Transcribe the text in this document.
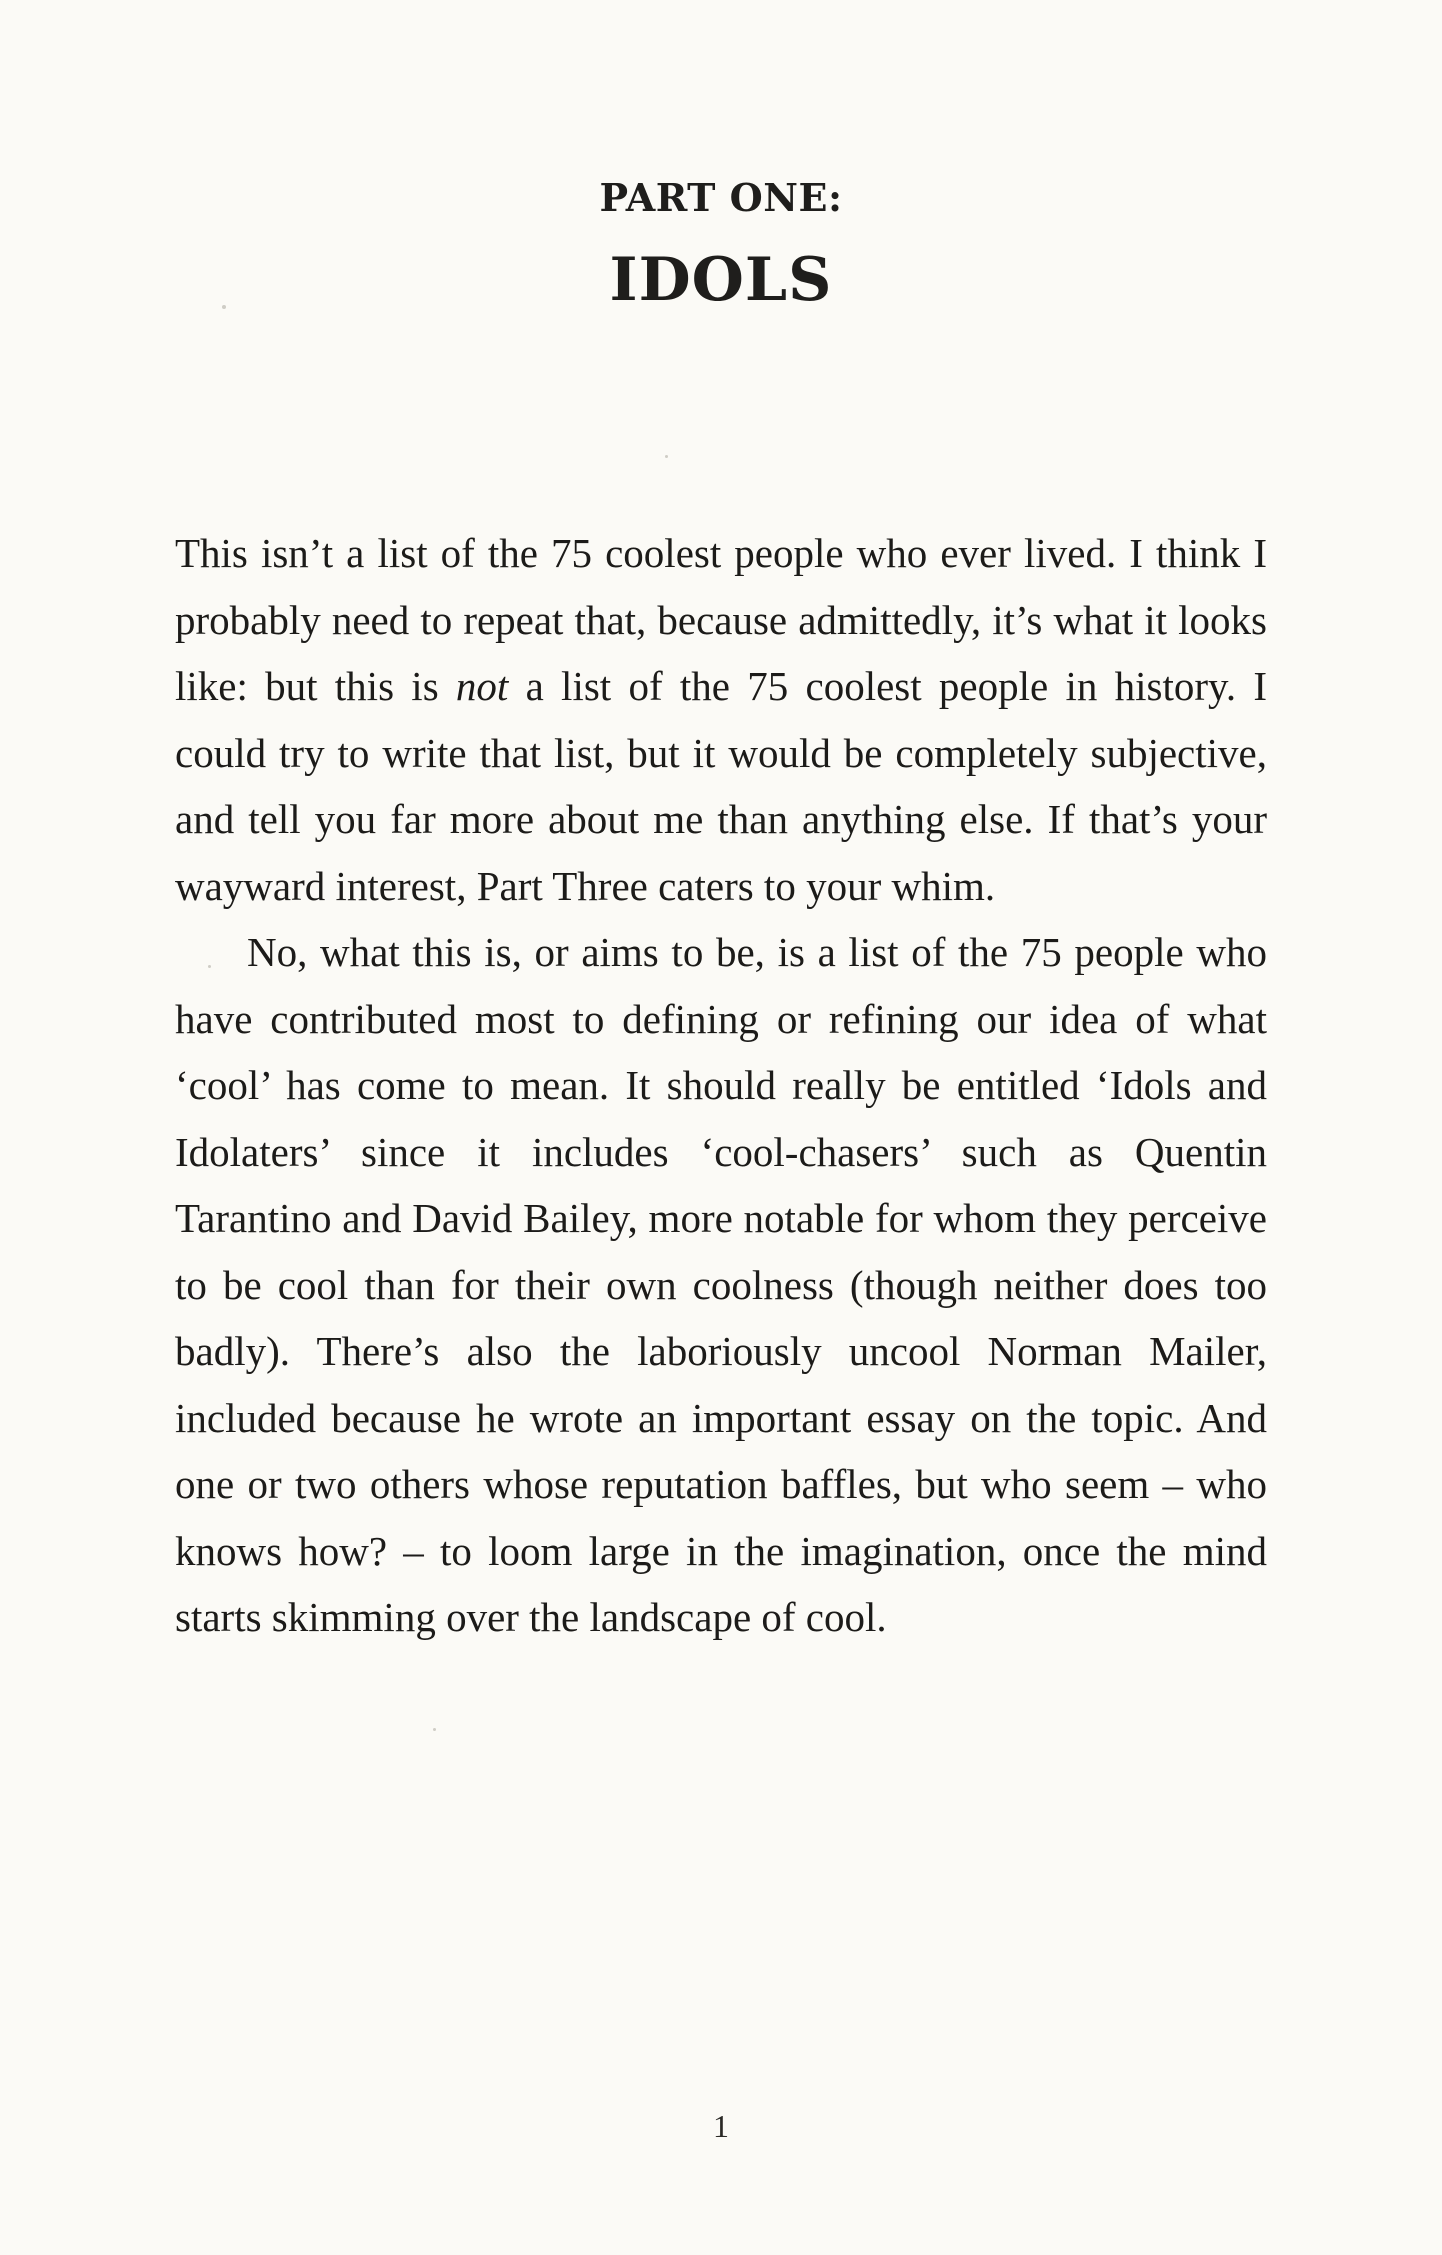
PART ONE:
IDOLS

This isn’t a list of the 75 coolest people who ever lived. I think I probably need to repeat that, because admittedly, it’s what it looks like: but this is not a list of the 75 coolest people in history. I could try to write that list, but it would be completely subjective, and tell you far more about me than anything else. If that’s your wayward interest, Part Three caters to your whim.

No, what this is, or aims to be, is a list of the 75 people who have contributed most to defining or refining our idea of what ‘cool’ has come to mean. It should really be entitled ‘Idols and Idolaters’ since it includes ‘cool-chasers’ such as Quentin Tarantino and David Bailey, more notable for whom they perceive to be cool than for their own coolness (though neither does too badly). There’s also the laboriously uncool Norman Mailer, included because he wrote an important essay on the topic. And one or two others whose reputation baffles, but who seem – who knows how? – to loom large in the imagination, once the mind starts skimming over the landscape of cool.

1
